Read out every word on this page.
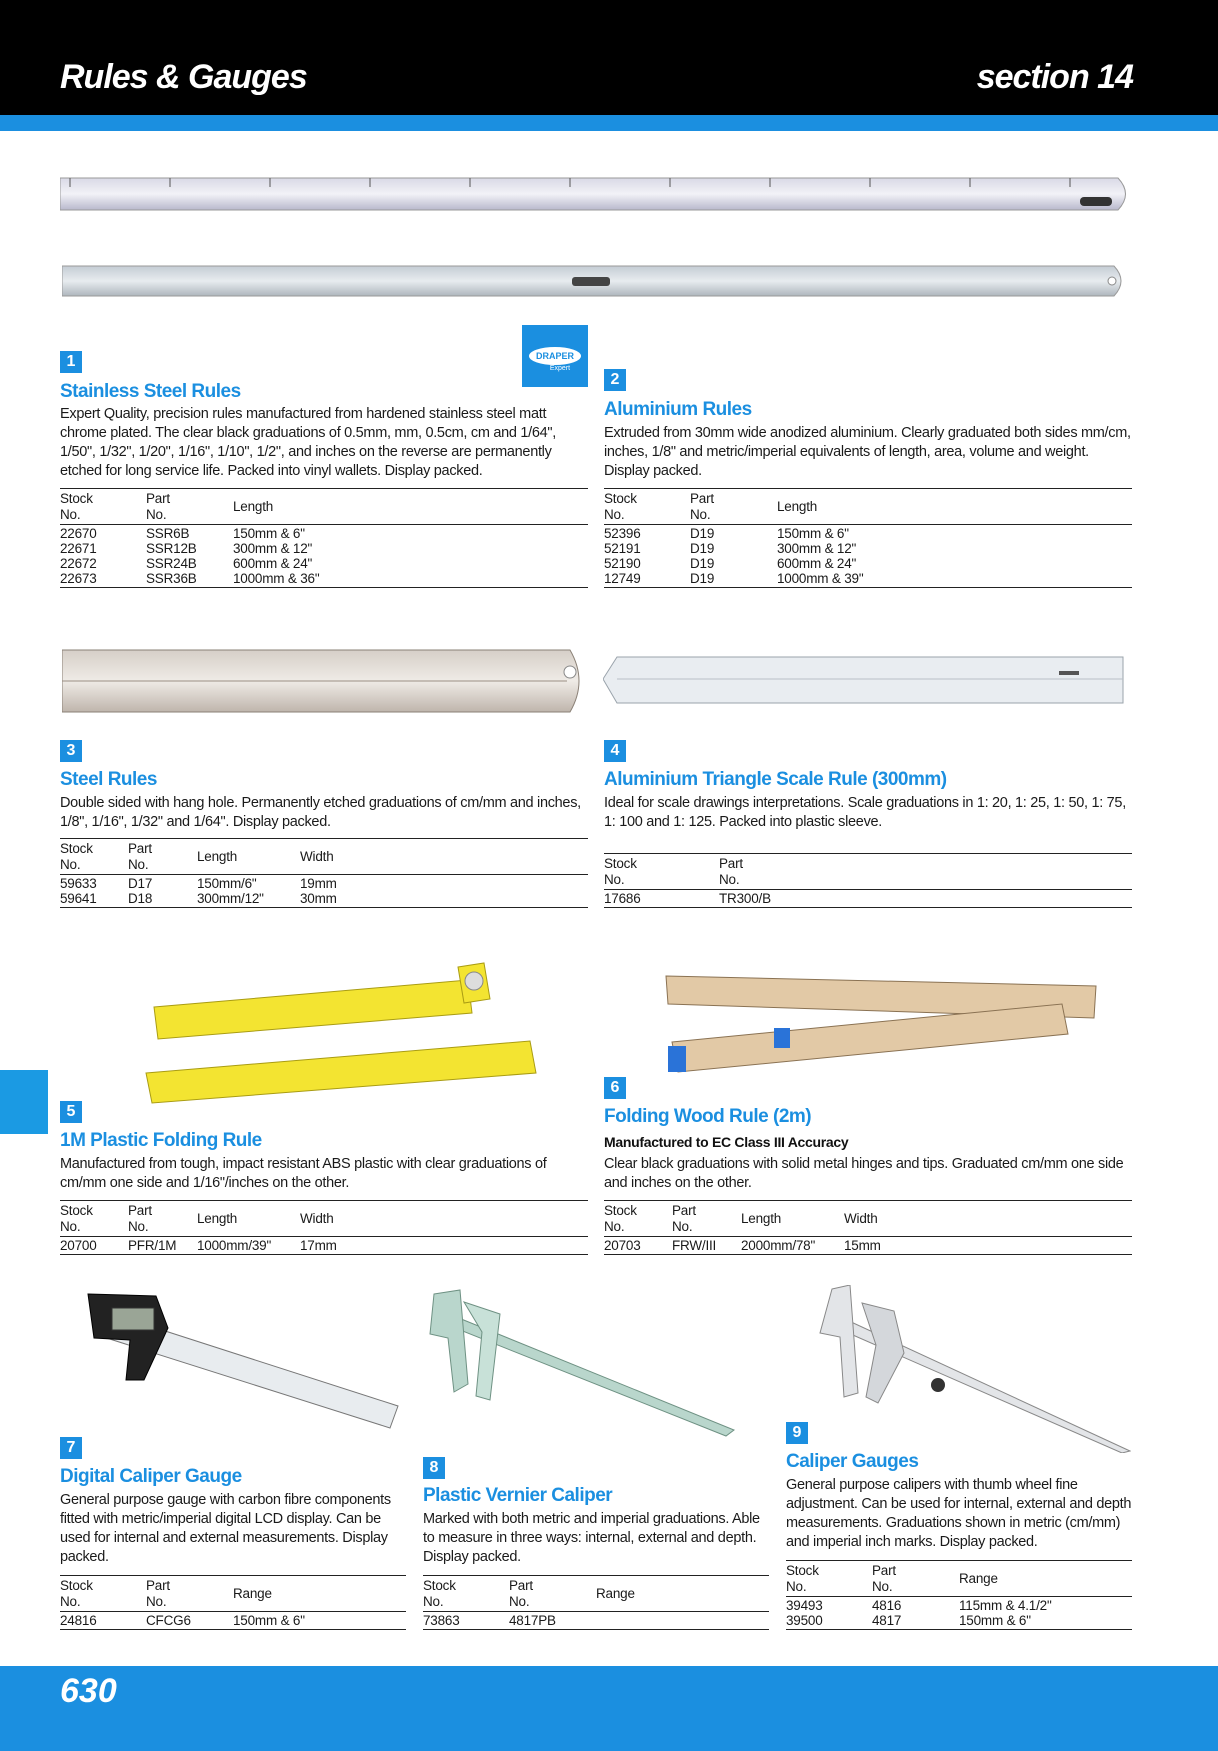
Rules & Gauges	section 14
DRAPER
Expert
1
Stainless Steel Rules
Expert Quality, precision rules manufactured from hardened stainless steel matt chrome plated. The clear black graduations of 0.5mm, mm, 0.5cm, cm and 1/64", 1/50", 1/32", 1/20", 1/16", 1/10", 1/2", and inches on the reverse are permanently etched for long service life. Packed into vinyl wallets. Display packed.
Stock
No.	Part
No.	Length
22670	SSR6B	150mm & 6"
22671	SSR12B	300mm & 12"
22672	SSR24B	600mm & 24"
22673	SSR36B	1000mm & 36"
2
Aluminium Rules
Extruded from 30mm wide anodized aluminium. Clearly graduated both sides mm/cm, inches, 1/8" and metric/imperial equivalents of length, area, volume and weight. Display packed.
Stock
No.	Part
No.	Length
52396	D19	150mm & 6"
52191	D19	300mm & 12"
52190	D19	600mm & 24"
12749	D19	1000mm & 39"
3
Steel Rules
Double sided with hang hole. Permanently etched graduations of cm/mm and inches, 1/8", 1/16", 1/32" and 1/64". Display packed.
Stock
No.	Part
No.	Length	Width
59633	D17	150mm/6"	19mm
59641	D18	300mm/12"	30mm
4
Aluminium Triangle Scale Rule (300mm)
Ideal for scale drawings interpretations. Scale graduations in 1: 20, 1: 25, 1: 50, 1: 75, 1: 100 and 1: 125. Packed into plastic sleeve.
Stock
No.	Part
No.

17686	TR300/B
5
1M Plastic Folding Rule
Manufactured from tough, impact resistant ABS plastic with clear graduations of cm/mm one side and 1/16"/inches on the other.
Stock
No.	Part
No.	Length	Width
20700	PFR/1M	1000mm/39"	17mm
6
Folding Wood Rule (2m)
Manufactured to EC Class III Accuracy
Clear black graduations with solid metal hinges and tips. Graduated cm/mm one side and inches on the other.
Stock
No.	Part
No.	Length	Width
20703	FRW/III	2000mm/78"	15mm
7
Digital Caliper Gauge
General purpose gauge with carbon fibre components fitted with metric/imperial digital LCD display. Can be used for internal and external measurements. Display packed.
Stock
No.	Part
No.	Range
24816	CFCG6	150mm & 6"
8
Plastic Vernier Caliper
Marked with both metric and imperial graduations. Able to measure in three ways: internal, external and depth. Display packed.
Stock
No.	Part
No.	Range
73863	4817PB	
9
Caliper Gauges
General purpose calipers with thumb wheel fine adjustment. Can be used for internal, external and depth measurements. Graduations shown in metric (cm/mm) and imperial inch marks. Display packed.
Stock
No.	Part
No.	Range
39493	4816	115mm & 4.1/2"
39500	4817	150mm & 6"
630
